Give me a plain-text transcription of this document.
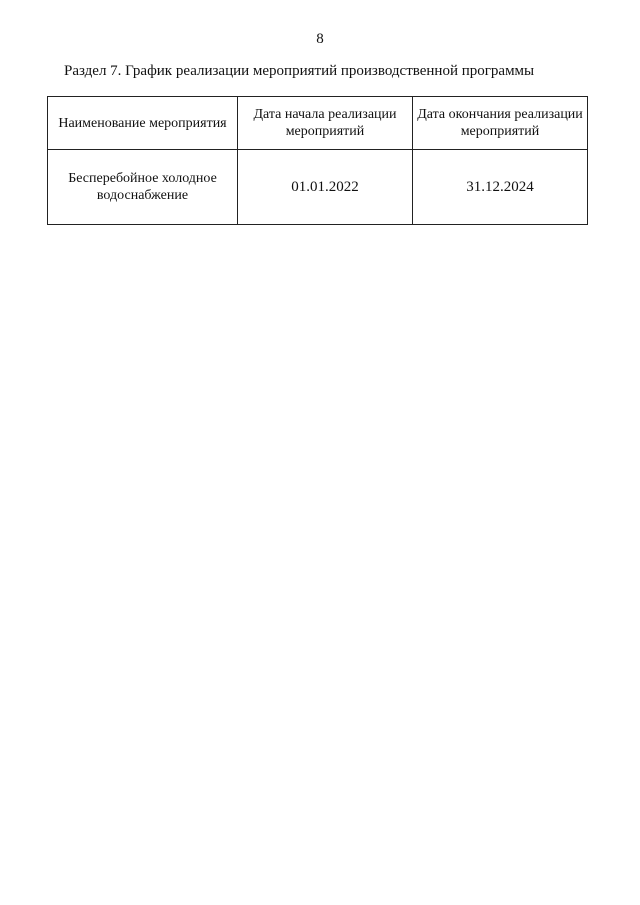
8
Раздел 7. График реализации мероприятий производственной программы
Наименование мероприятия	Дата начала реализации мероприятий	Дата окончания реализации мероприятий
Бесперебойное холодное водоснабжение	01.01.2022	31.12.2024
